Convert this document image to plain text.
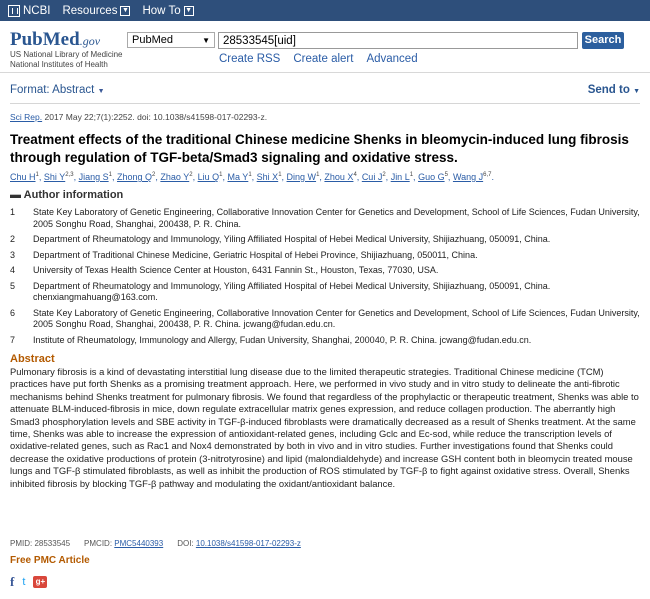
NCBI Resources ▼ How To ▼
PubMed.gov
US National Library of Medicine
National Institutes of Health
PubMed	▼
28533545[uid]	Search
Create RSS Create alert Advanced
Format: Abstract ▼	Send to ▼
Sci Rep. 2017 May 22;7(1):2252. doi: 10.1038/s41598-017-02293-z.
Treatment effects of the traditional Chinese medicine Shenks in bleomycin-induced lung fibrosis through regulation of TGF-beta/Smad3 signaling and oxidative stress.
Chu $H^1$, Shi Y$^{2,3}$, Jiang $S^1$, Zhong $Q^2$, Zhao $Y^2$, Liu $Q^1$, Ma $Y^1$, Shi $X^1$, Ding $W^1$, Zhou $X^4$, Cui $J^2$, Jin $L^1$, Guo $G^5$, Wang J$^{6,7}$.
▬ Author information
1	State Key Laboratory of Genetic Engineering, Collaborative Innovation Center for Genetics and Development, School of Life Sciences, Fudan University, 2005 Songhu Road, Shanghai, 200438, P. R. China.
2	Department of Rheumatology and Immunology, Yiling Affiliated Hospital of Hebei Medical University, Shijiazhuang, 050091, China.
3	Department of Traditional Chinese Medicine, Geriatric Hospital of Hebei Province, Shijiazhuang, 050011, China.
4	University of Texas Health Science Center at Houston, 6431 Fannin St., Houston, Texas, 77030, USA.
5	Department of Rheumatology and Immunology, Yiling Affiliated Hospital of Hebei Medical University, Shijiazhuang, 050091, China. chenxiangmahuang@163.com.
6	State Key Laboratory of Genetic Engineering, Collaborative Innovation Center for Genetics and Development, School of Life Sciences, Fudan University, 2005 Songhu Road, Shanghai, 200438, P. R. China. jcwang@fudan.edu.cn.
7	Institute of Rheumatology, Immunology and Allergy, Fudan University, Shanghai, 200040, P. R. China. jcwang@fudan.edu.cn.
Abstract
Pulmonary fibrosis is a kind of devastating interstitial lung disease due to the limited therapeutic strategies. Traditional Chinese medicine (TCM) practices have put forth Shenks as a promising treatment approach. Here, we performed in vivo study and in vitro study to delineate the anti-fibrotic mechanisms behind Shenks treatment for pulmonary fibrosis. We found that regardless of the prophylactic or therapeutic treatment, Shenks was able to attenuate BLM-induced-fibrosis in mice, down regulate extracellular matrix genes expression, and reduce collagen production. The aberrantly high Smad3 phosphorylation levels and SBE activity in TGF-β-induced fibroblasts were dramatically decreased as a result of Shenks treatment. At the same time, Shenks was able to increase the expression of antioxidant-related genes, including Gclc and Ec-sod, while reduce the transcription levels of oxidative-related genes, such as Rac1 and Nox4 demonstrated by both in vivo and in vitro studies. Further investigations found that Shenks could decrease the oxidative productions of protein (3-nitrotyrosine) and lipid (malondialdehyde) and increase GSH content both in bleomycin treated mouse lungs and TGF-β stimulated fibroblasts, as well as inhibit the production of ROS stimulated by TGF-β to fight against oxidative stress. Overall, Shenks inhibited fibrosis by blocking TGF-β pathway and modulating the oxidant/antioxidant balance.
PMID: 28533545 PMCID: PMC5440393 DOI: 10.1038/s41598-017-02293-z
Free PMC Article
f t g+
